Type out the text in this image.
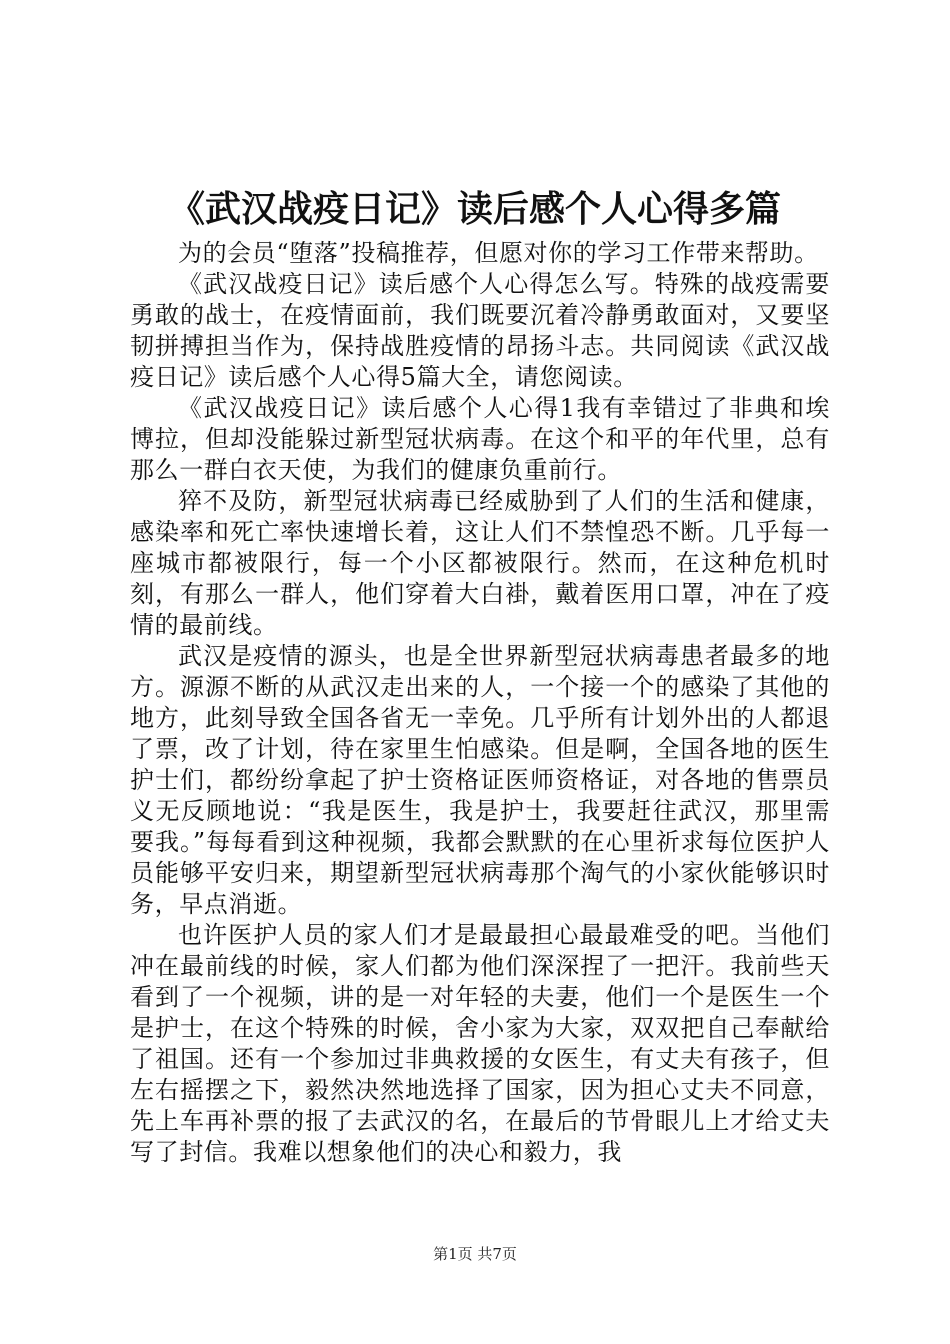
《武汉战疫日记》读后感个人心得多篇

为的会员“堕落”投稿推荐，但愿对你的学习工作带来帮助。

《武汉战疫日记》读后感个人心得怎么写。特殊的战疫需要勇敢的战士，在疫情面前，我们既要沉着冷静勇敢面对，又要坚韧拼搏担当作为，保持战胜疫情的昂扬斗志。共同阅读《武汉战疫日记》读后感个人心得5篇大全，请您阅读。

《武汉战疫日记》读后感个人心得1我有幸错过了非典和埃博拉，但却没能躲过新型冠状病毒。在这个和平的年代里，总有那么一群白衣天使，为我们的健康负重前行。

猝不及防，新型冠状病毒已经威胁到了人们的生活和健康，感染率和死亡率快速增长着，这让人们不禁惶恐不断。几乎每一座城市都被限行，每一个小区都被限行。然而，在这种危机时刻，有那么一群人，他们穿着大白褂，戴着医用口罩，冲在了疫情的最前线。

武汉是疫情的源头，也是全世界新型冠状病毒患者最多的地方。源源不断的从武汉走出来的人，一个接一个的感染了其他的地方，此刻导致全国各省无一幸免。几乎所有计划外出的人都退了票，改了计划，待在家里生怕感染。但是啊，全国各地的医生护士们，都纷纷拿起了护士资格证医师资格证，对各地的售票员义无反顾地说：“我是医生，我是护士，我要赶往武汉，那里需要我。”每每看到这种视频，我都会默默的在心里祈求每位医护人员能够平安归来，期望新型冠状病毒那个淘气的小家伙能够识时务，早点消逝。

也许医护人员的家人们才是最最担心最最难受的吧。当他们冲在最前线的时候，家人们都为他们深深捏了一把汗。我前些天看到了一个视频，讲的是一对年轻的夫妻，他们一个是医生一个是护士，在这个特殊的时候，舍小家为大家，双双把自己奉献给了祖国。还有一个参加过非典救援的女医生，有丈夫有孩子，但左右摇摆之下，毅然决然地选择了国家，因为担心丈夫不同意，先上车再补票的报了去武汉的名，在最后的节骨眼儿上才给丈夫写了封信。我难以想象他们的决心和毅力，我

第1页 共7页
